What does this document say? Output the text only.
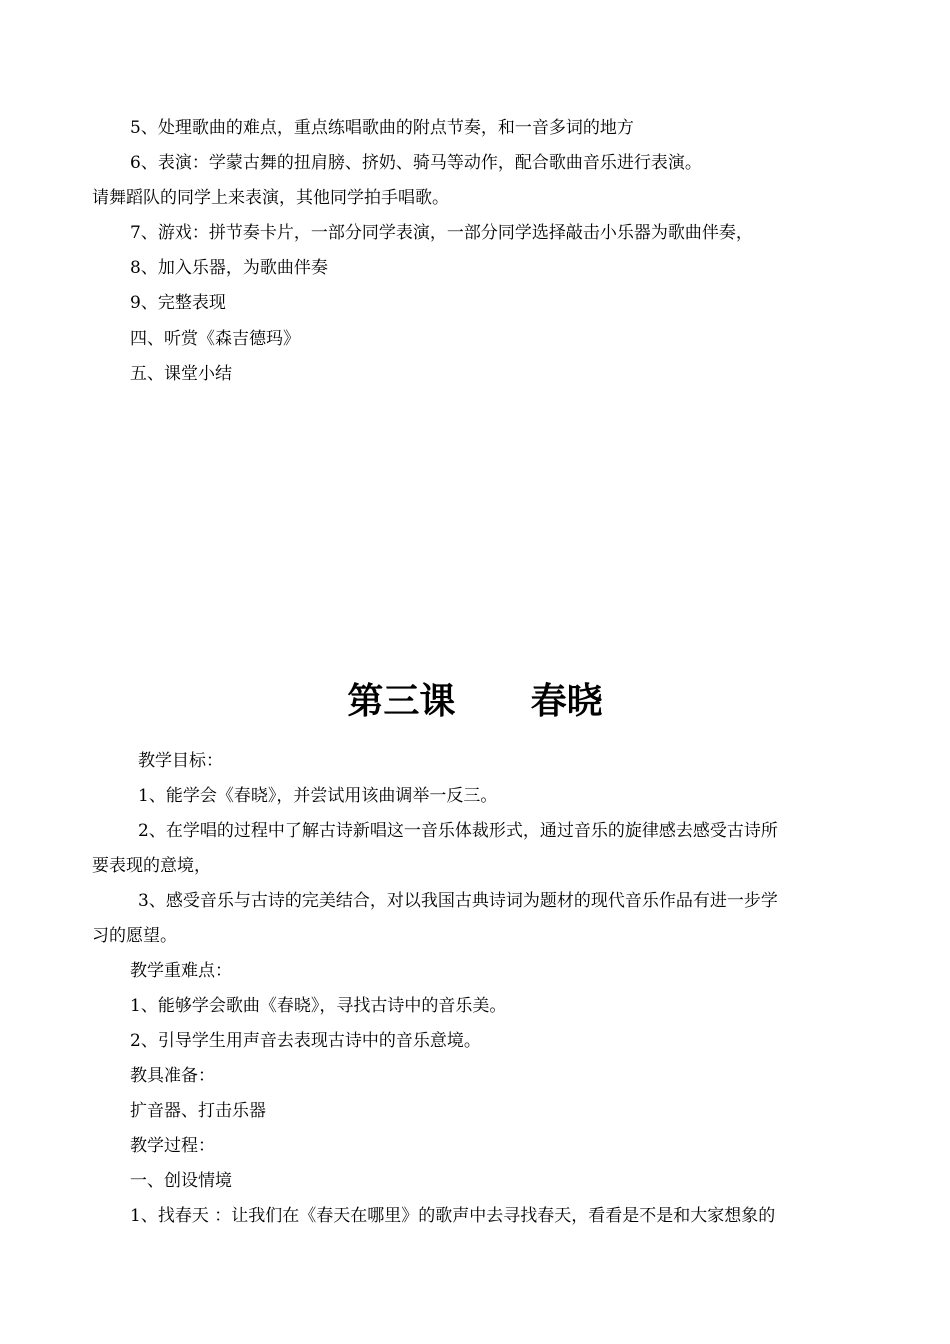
5、处理歌曲的难点，重点练唱歌曲的附点节奏，和一音多词的地方
6、表演：学蒙古舞的扭肩膀、挤奶、骑马等动作，配合歌曲音乐进行表演。
请舞蹈队的同学上来表演，其他同学拍手唱歌。
7、游戏：拼节奏卡片，一部分同学表演，一部分同学选择敲击小乐器为歌曲伴奏，
8、加入乐器，为歌曲伴奏
9、完整表现
四、听赏《森吉德玛》
五、课堂小结
第三课      春晓
教学目标：
1、能学会《春晓》，并尝试用该曲调举一反三。
2、在学唱的过程中了解古诗新唱这一音乐体裁形式，通过音乐的旋律感去感受古诗所
要表现的意境，
3、感受音乐与古诗的完美结合，对以我国古典诗词为题材的现代音乐作品有进一步学
习的愿望。
教学重难点：
1、能够学会歌曲《春晓》，寻找古诗中的音乐美。
2、引导学生用声音去表现古诗中的音乐意境。
教具准备：
扩音器、打击乐器
教学过程：
一、创设情境
1、找春天 ：让我们在《春天在哪里》的歌声中去寻找春天，看看是不是和大家想象的
